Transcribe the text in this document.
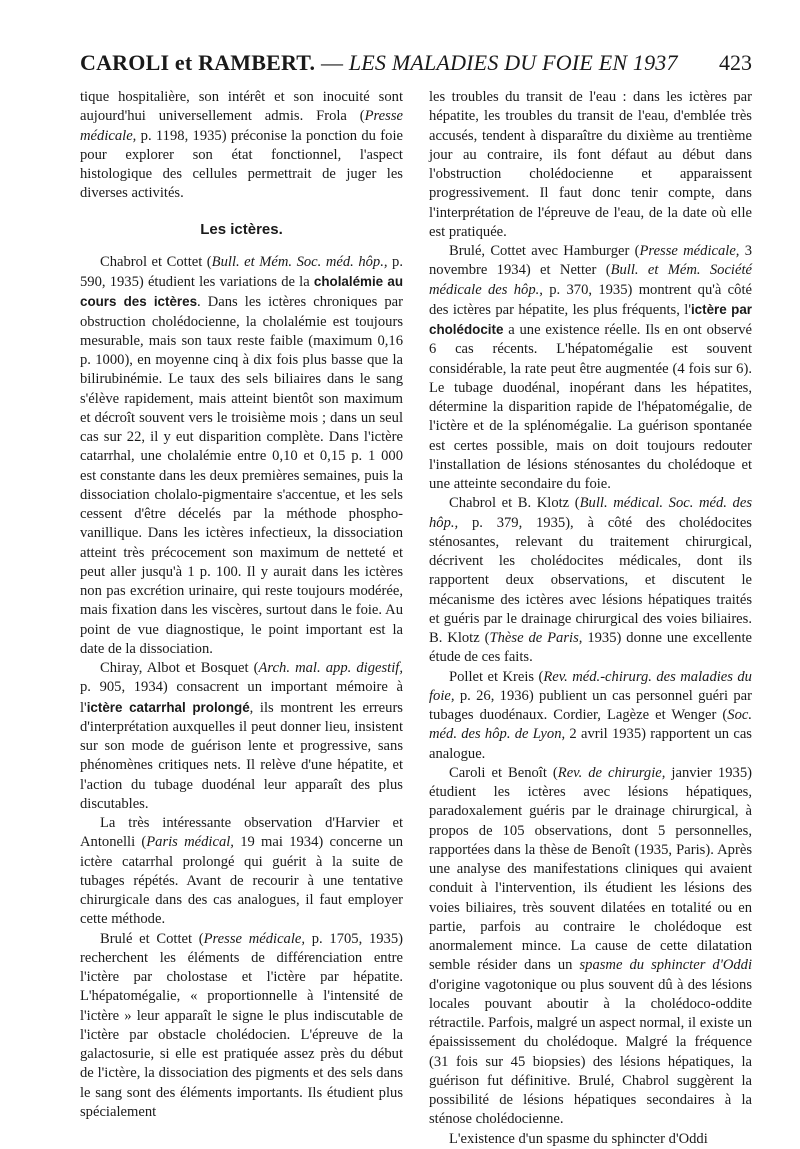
CAROLI et RAMBERT. — LES MALADIES DU FOIE EN 1937 423

tique hospitalière, son intérêt et son inocuité sont aujourd'hui universellement admis. Frola (Presse médicale, p. 1198, 1935) préconise la ponction du foie pour explorer son état fonctionnel, l'aspect histologique des cellules permettrait de juger les diverses activités.

Les ictères.

Chabrol et Cottet (Bull. et Mém. Soc. méd. hôp., p. 590, 1935) étudient les variations de la cholalémie au cours des ictères. Dans les ictères chroniques par obstruction cholédocienne, la cholalémie est toujours mesurable, mais son taux reste faible (maximum 0,16 p. 1000), en moyenne cinq à dix fois plus basse que la bilirubinémie. Le taux des sels biliaires dans le sang s'élève rapidement, mais atteint bientôt son maximum et décroît souvent vers le troisième mois ; dans un seul cas sur 22, il y eut disparition complète. Dans l'ictère catarrhal, une cholalémie entre 0,10 et 0,15 p. 1 000 est constante dans les deux premières semaines, puis la dissociation cholalo-pigmentaire s'accentue, et les sels cessent d'être décelés par la méthode phospho-vanillique. Dans les ictères infectieux, la dissociation atteint très précocement son maximum de netteté et peut aller jusqu'à 1 p. 100. Il y aurait dans les ictères non pas excrétion urinaire, qui reste toujours modérée, mais fixation dans les viscères, surtout dans le foie. Au point de vue diagnostique, le point important est la date de la dissociation.

Chiray, Albot et Bosquet (Arch. mal. app. digestif, p. 905, 1934) consacrent un important mémoire à l'ictère catarrhal prolongé, ils montrent les erreurs d'interprétation auxquelles il peut donner lieu, insistent sur son mode de guérison lente et progressive, sans phénomènes critiques nets. Il relève d'une hépatite, et l'action du tubage duodénal leur apparaît des plus discutables.

La très intéressante observation d'Harvier et Antonelli (Paris médical, 19 mai 1934) concerne un ictère catarrhal prolongé qui guérit à la suite de tubages répétés. Avant de recourir à une tentative chirurgicale dans des cas analogues, il faut employer cette méthode.

Brulé et Cottet (Presse médicale, p. 1705, 1935) recherchent les éléments de différenciation entre l'ictère par cholostase et l'ictère par hépatite. L'hépatomégalie, « proportionnelle à l'intensité de l'ictère » leur apparaît le signe le plus indiscutable de l'ictère par obstacle cholédocien. L'épreuve de la galactosurie, si elle est pratiquée assez près du début de l'ictère, la dissociation des pigments et des sels dans le sang sont des éléments importants. Ils étudient plus spécialement

les troubles du transit de l'eau : dans les ictères par hépatite, les troubles du transit de l'eau, d'emblée très accusés, tendent à disparaître du dixième au trentième jour au contraire, ils font défaut au début dans l'obstruction cholédocienne et apparaissent progressivement. Il faut donc tenir compte, dans l'interprétation de l'épreuve de l'eau, de la date où elle est pratiquée.

Brulé, Cottet avec Hamburger (Presse médicale, 3 novembre 1934) et Netter (Bull. et Mém. Société médicale des hôp., p. 370, 1935) montrent qu'à côté des ictères par hépatite, les plus fréquents, l'ictère par cholédocite a une existence réelle. Ils en ont observé 6 cas récents. L'hépatomégalie est souvent considérable, la rate peut être augmentée (4 fois sur 6). Le tubage duodénal, inopérant dans les hépatites, détermine la disparition rapide de l'hépatomégalie, de l'ictère et de la splénomégalie. La guérison spontanée est certes possible, mais on doit toujours redouter l'installation de lésions sténosantes du cholédoque et une atteinte secondaire du foie.

Chabrol et B. Klotz (Bull. médical. Soc. méd. des hôp., p. 379, 1935), à côté des cholédocites sténosantes, relevant du traitement chirurgical, décrivent les cholédocites médicales, dont ils rapportent deux observations, et discutent le mécanisme des ictères avec lésions hépatiques traités et guéris par le drainage chirurgical des voies biliaires. B. Klotz (Thèse de Paris, 1935) donne une excellente étude de ces faits.

Pollet et Kreis (Rev. méd.-chirurg. des maladies du foie, p. 26, 1936) publient un cas personnel guéri par tubages duodénaux. Cordier, Lagèze et Wenger (Soc. méd. des hôp. de Lyon, 2 avril 1935) rapportent un cas analogue.

Caroli et Benoît (Rev. de chirurgie, janvier 1935) étudient les ictères avec lésions hépatiques, paradoxalement guéris par le drainage chirurgical, à propos de 105 observations, dont 5 personnelles, rapportées dans la thèse de Benoît (1935, Paris). Après une analyse des manifestations cliniques qui avaient conduit à l'intervention, ils étudient les lésions des voies biliaires, très souvent dilatées en totalité ou en partie, parfois au contraire le cholédoque est anormalement mince. La cause de cette dilatation semble résider dans un spasme du sphincter d'Oddi d'origine vagotonique ou plus souvent dû à des lésions locales pouvant aboutir à la cholédoco-oddite rétractile. Parfois, malgré un aspect normal, il existe un épaississement du cholédoque. Malgré la fréquence (31 fois sur 45 biopsies) des lésions hépatiques, la guérison fut définitive. Brulé, Chabrol suggèrent la possibilité de lésions hépatiques secondaires à la sténose cholédocienne.

L'existence d'un spasme du sphincter d'Oddi
